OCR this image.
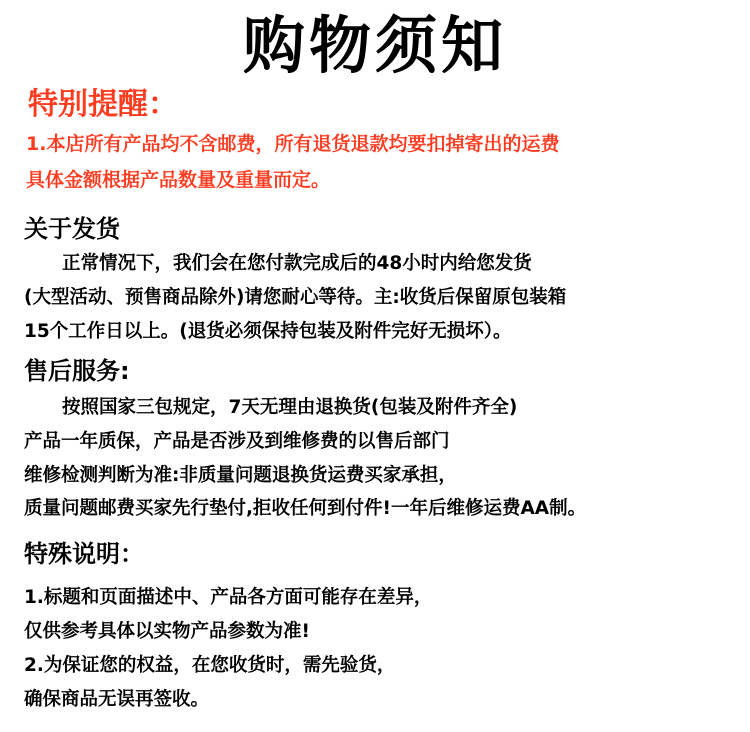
购物须知
特别提醒：
1.本店所有产品均不含邮费，所有退货退款均要扣掉寄出的运费
具体金额根据产品数量及重量而定。
关于发货
正常情况下，我们会在您付款完成后的48小时内给您发货
(大型活动、预售商品除外)请您耐心等待。主:收货后保留原包装箱
15个工作日以上。(退货必须保持包装及附件完好无损坏）。
售后服务:
按照国家三包规定，7天无理由退换货(包装及附件齐全)
产品一年质保，产品是否涉及到维修费的以售后部门
维修检测判断为准:非质量问题退换货运费买家承担，
质量问题邮费买家先行垫付,拒收任何到付件!一年后维修运费AA制。
特殊说明：
1.标题和页面描述中、产品各方面可能存在差异，
仅供参考具体以实物产品参数为准!
2.为保证您的权益，在您收货时，需先验货，
确保商品无误再签收。
